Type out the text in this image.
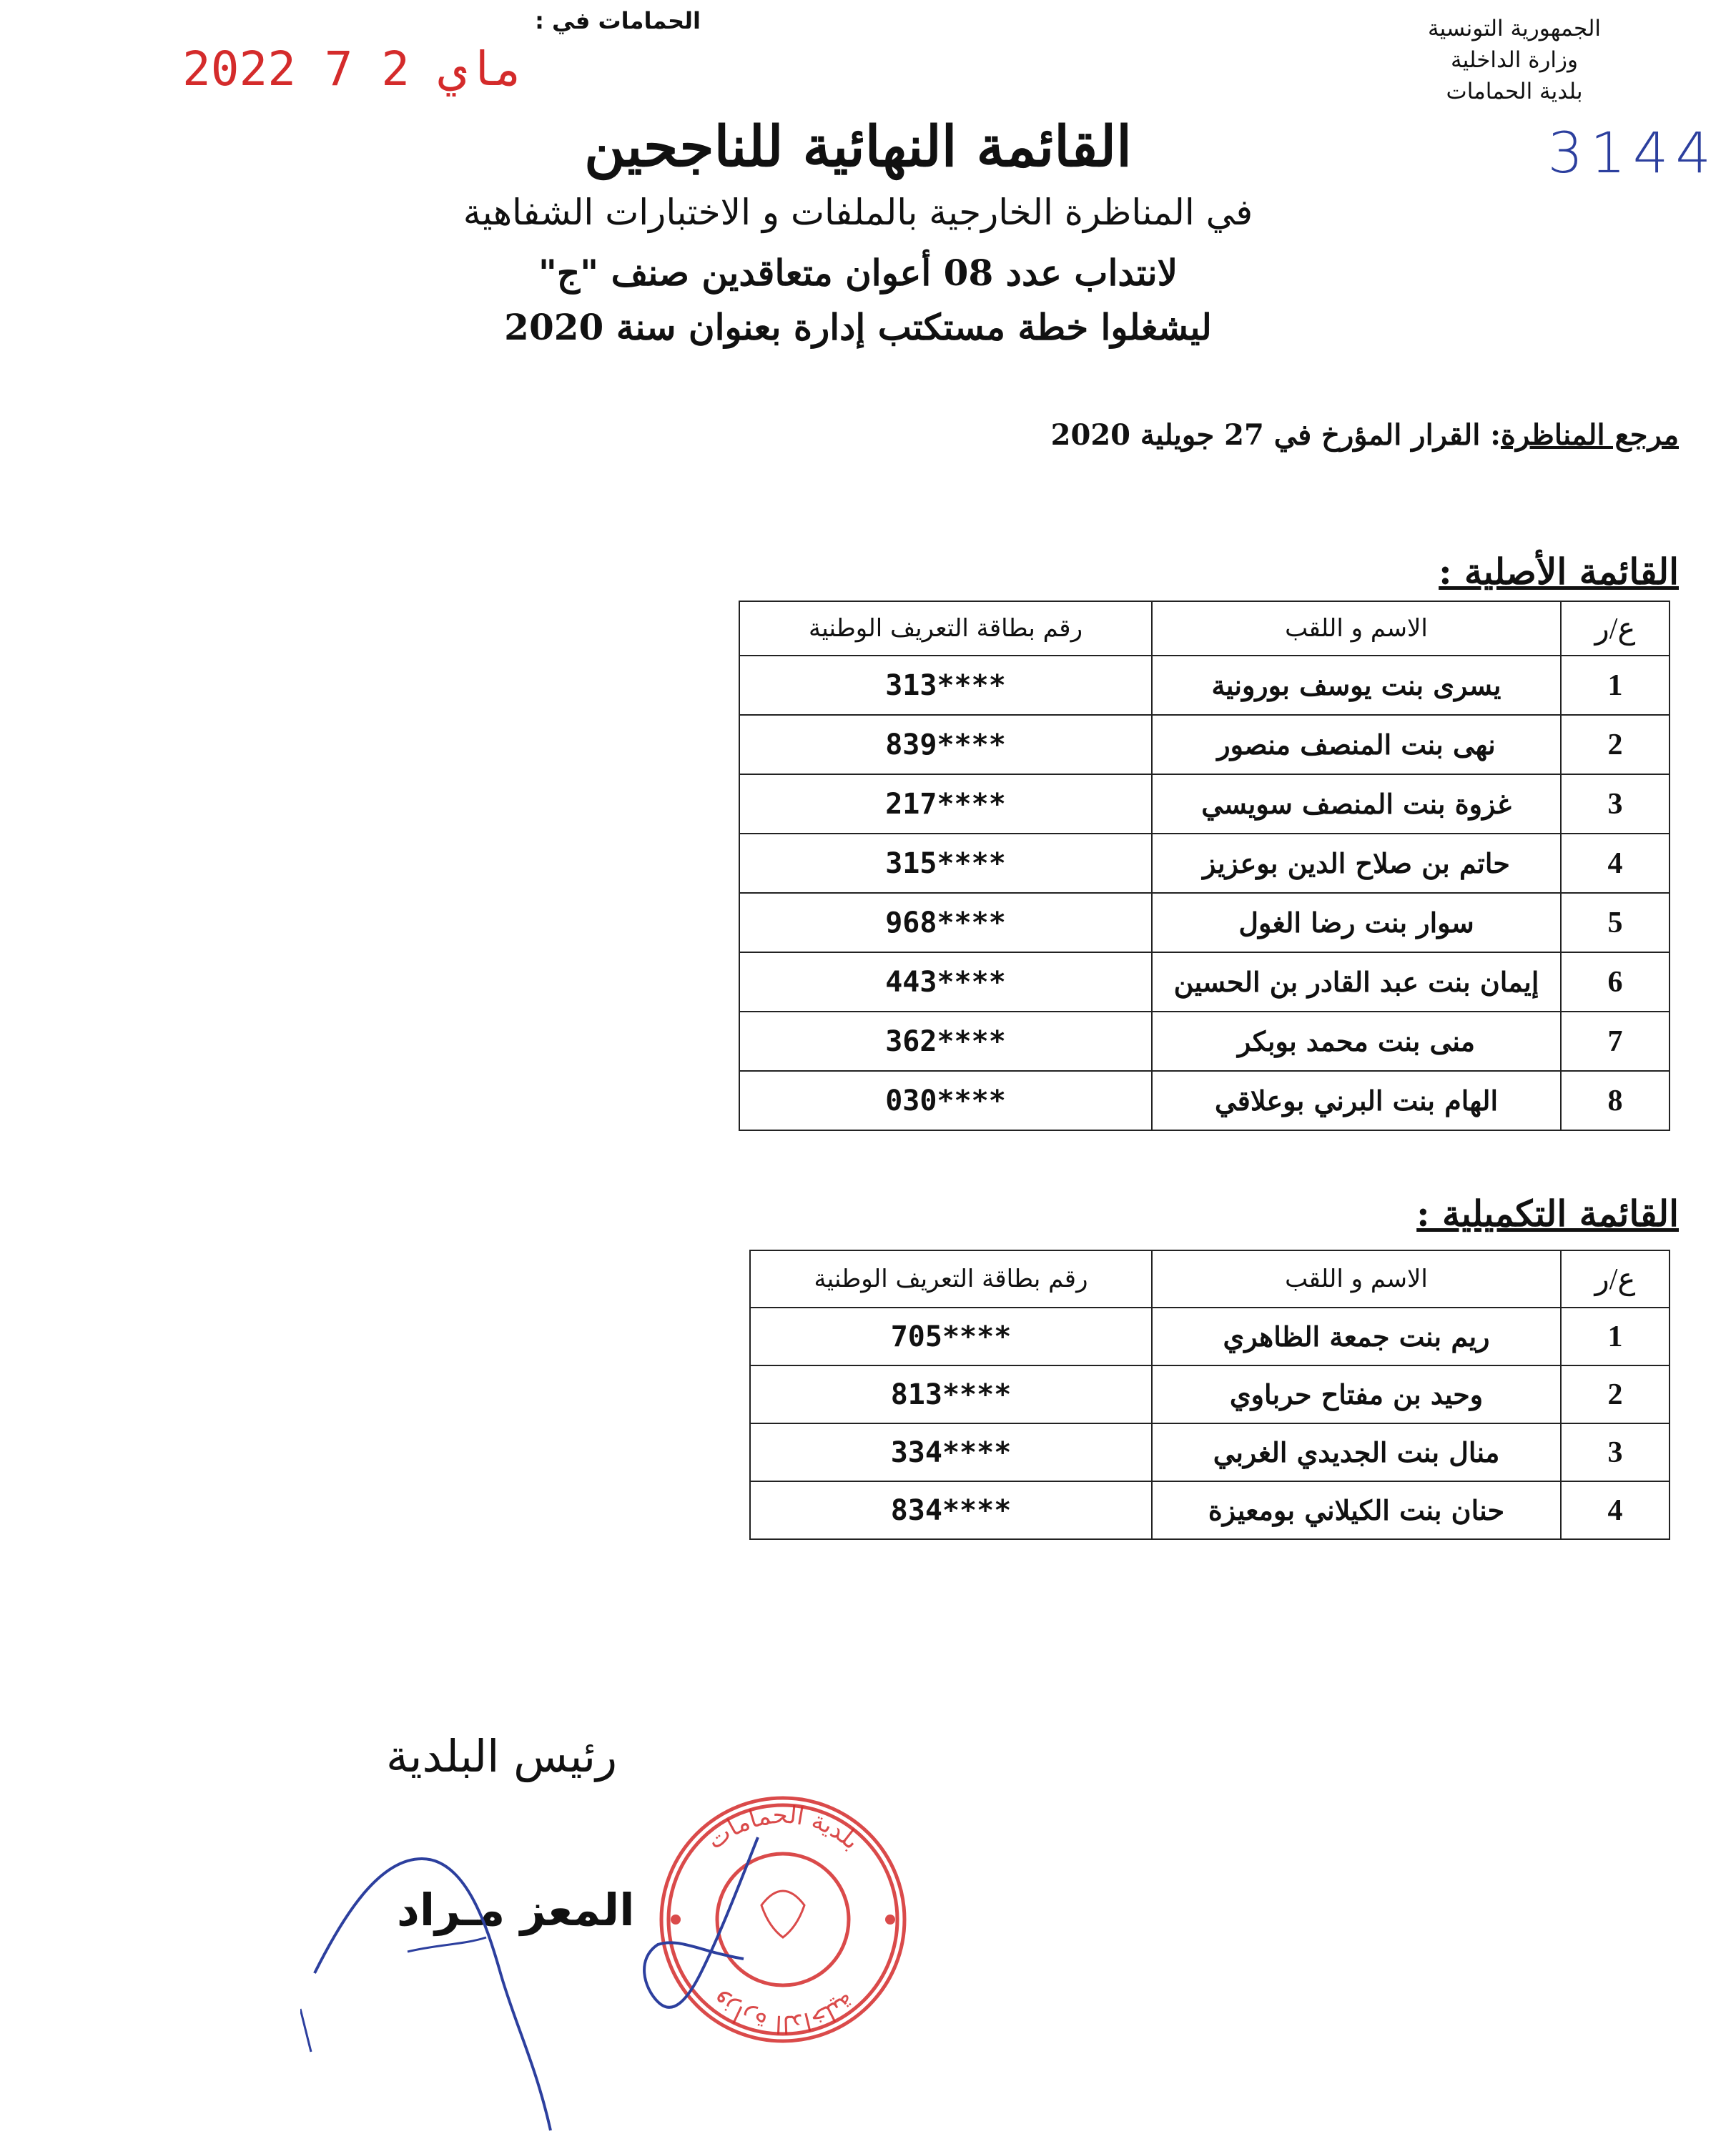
الجمهورية التونسية
وزارة الداخلية
بلدية الحمامات
الحمامات في :
2022 ماي 2 7
3144
القائمة النهائية للناجحين
في المناظرة الخارجية بالملفات و الاختبارات الشفاهية
لانتداب عدد 08 أعوان متعاقدين صنف "ج"
ليشغلوا خطة مستكتب إدارة بعنوان سنة 2020
مرجع المناظرة: القرار المؤرخ في 27 جويلية 2020
القائمة الأصلية :
ع/ر	الاسم و اللقب	رقم بطاقة التعريف الوطنية
1	يسرى بنت يوسف بورونية	****313
2	نهى بنت المنصف منصور	****839
3	غزوة بنت المنصف سويسي	****217
4	حاتم بن صلاح الدين بوعزيز	****315
5	سوار بنت رضا الغول	****968
6	إيمان بنت عبد القادر بن الحسين	****443
7	منى بنت محمد بوبكر	****362
8	الهام بنت البرني بوعلاقي	****030
القائمة التكميلية :
ع/ر	الاسم و اللقب	رقم بطاقة التعريف الوطنية
1	ريم بنت جمعة الظاهري	****705
2	وحيد بن مفتاح حرباوي	****813
3	منال بنت الجديدي الغربي	****334
4	حنان بنت الكيلاني بومعيزة	****834
رئيس البلدية
المعز مـراد
بلدية الحمامات
وزارة الداخلية
